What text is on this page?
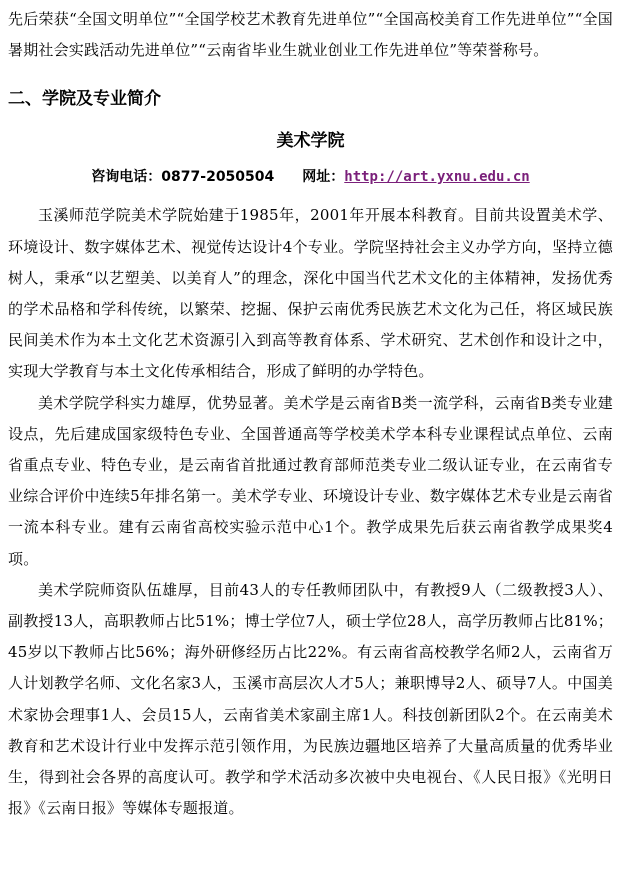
先后荣获“全国文明单位”“全国学校艺术教育先进单位”“全国高校美育工作先进单位”“全国暑期社会实践活动先进单位”“云南省毕业生就业创业工作先进单位”等荣誉称号。

二、学院及专业简介
美术学院
咨询电话：0877-2050504 网址：http://art.yxnu.edu.cn

玉溪师范学院美术学院始建于1985年，2001年开展本科教育。目前共设置美术学、环境设计、数字媒体艺术、视觉传达设计4个专业。学院坚持社会主义办学方向，坚持立德树人，秉承“以艺塑美、以美育人”的理念，深化中国当代艺术文化的主体精神，发扬优秀的学术品格和学科传统，以繁荣、挖掘、保护云南优秀民族艺术文化为己任，将区域民族民间美术作为本土文化艺术资源引入到高等教育体系、学术研究、艺术创作和设计之中，实现大学教育与本土文化传承相结合，形成了鲜明的办学特色。

美术学院学科实力雄厚，优势显著。美术学是云南省B类一流学科，云南省B类专业建设点，先后建成国家级特色专业、全国普通高等学校美术学本科专业课程试点单位、云南省重点专业、特色专业，是云南省首批通过教育部师范类专业二级认证专业，在云南省专业综合评价中连续5年排名第一。美术学专业、环境设计专业、数字媒体艺术专业是云南省一流本科专业。建有云南省高校实验示范中心1个。教学成果先后获云南省教学成果奖4项。

美术学院师资队伍雄厚，目前43人的专任教师团队中，有教授9人（二级教授3人）、副教授13人，高职教师占比51%；博士学位7人，硕士学位28人，高学历教师占比81%；45岁以下教师占比56%；海外研修经历占比22%。有云南省高校教学名师2人，云南省万人计划教学名师、文化名家3人，玉溪市高层次人才5人；兼职博导2人、硕导7人。中国美术家协会理事1人、会员15人，云南省美术家副主席1人。科技创新团队2个。在云南美术教育和艺术设计行业中发挥示范引领作用，为民族边疆地区培养了大量高质量的优秀毕业生，得到社会各界的高度认可。教学和学术活动多次被中央电视台、《人民日报》《光明日报》《云南日报》等媒体专题报道。
